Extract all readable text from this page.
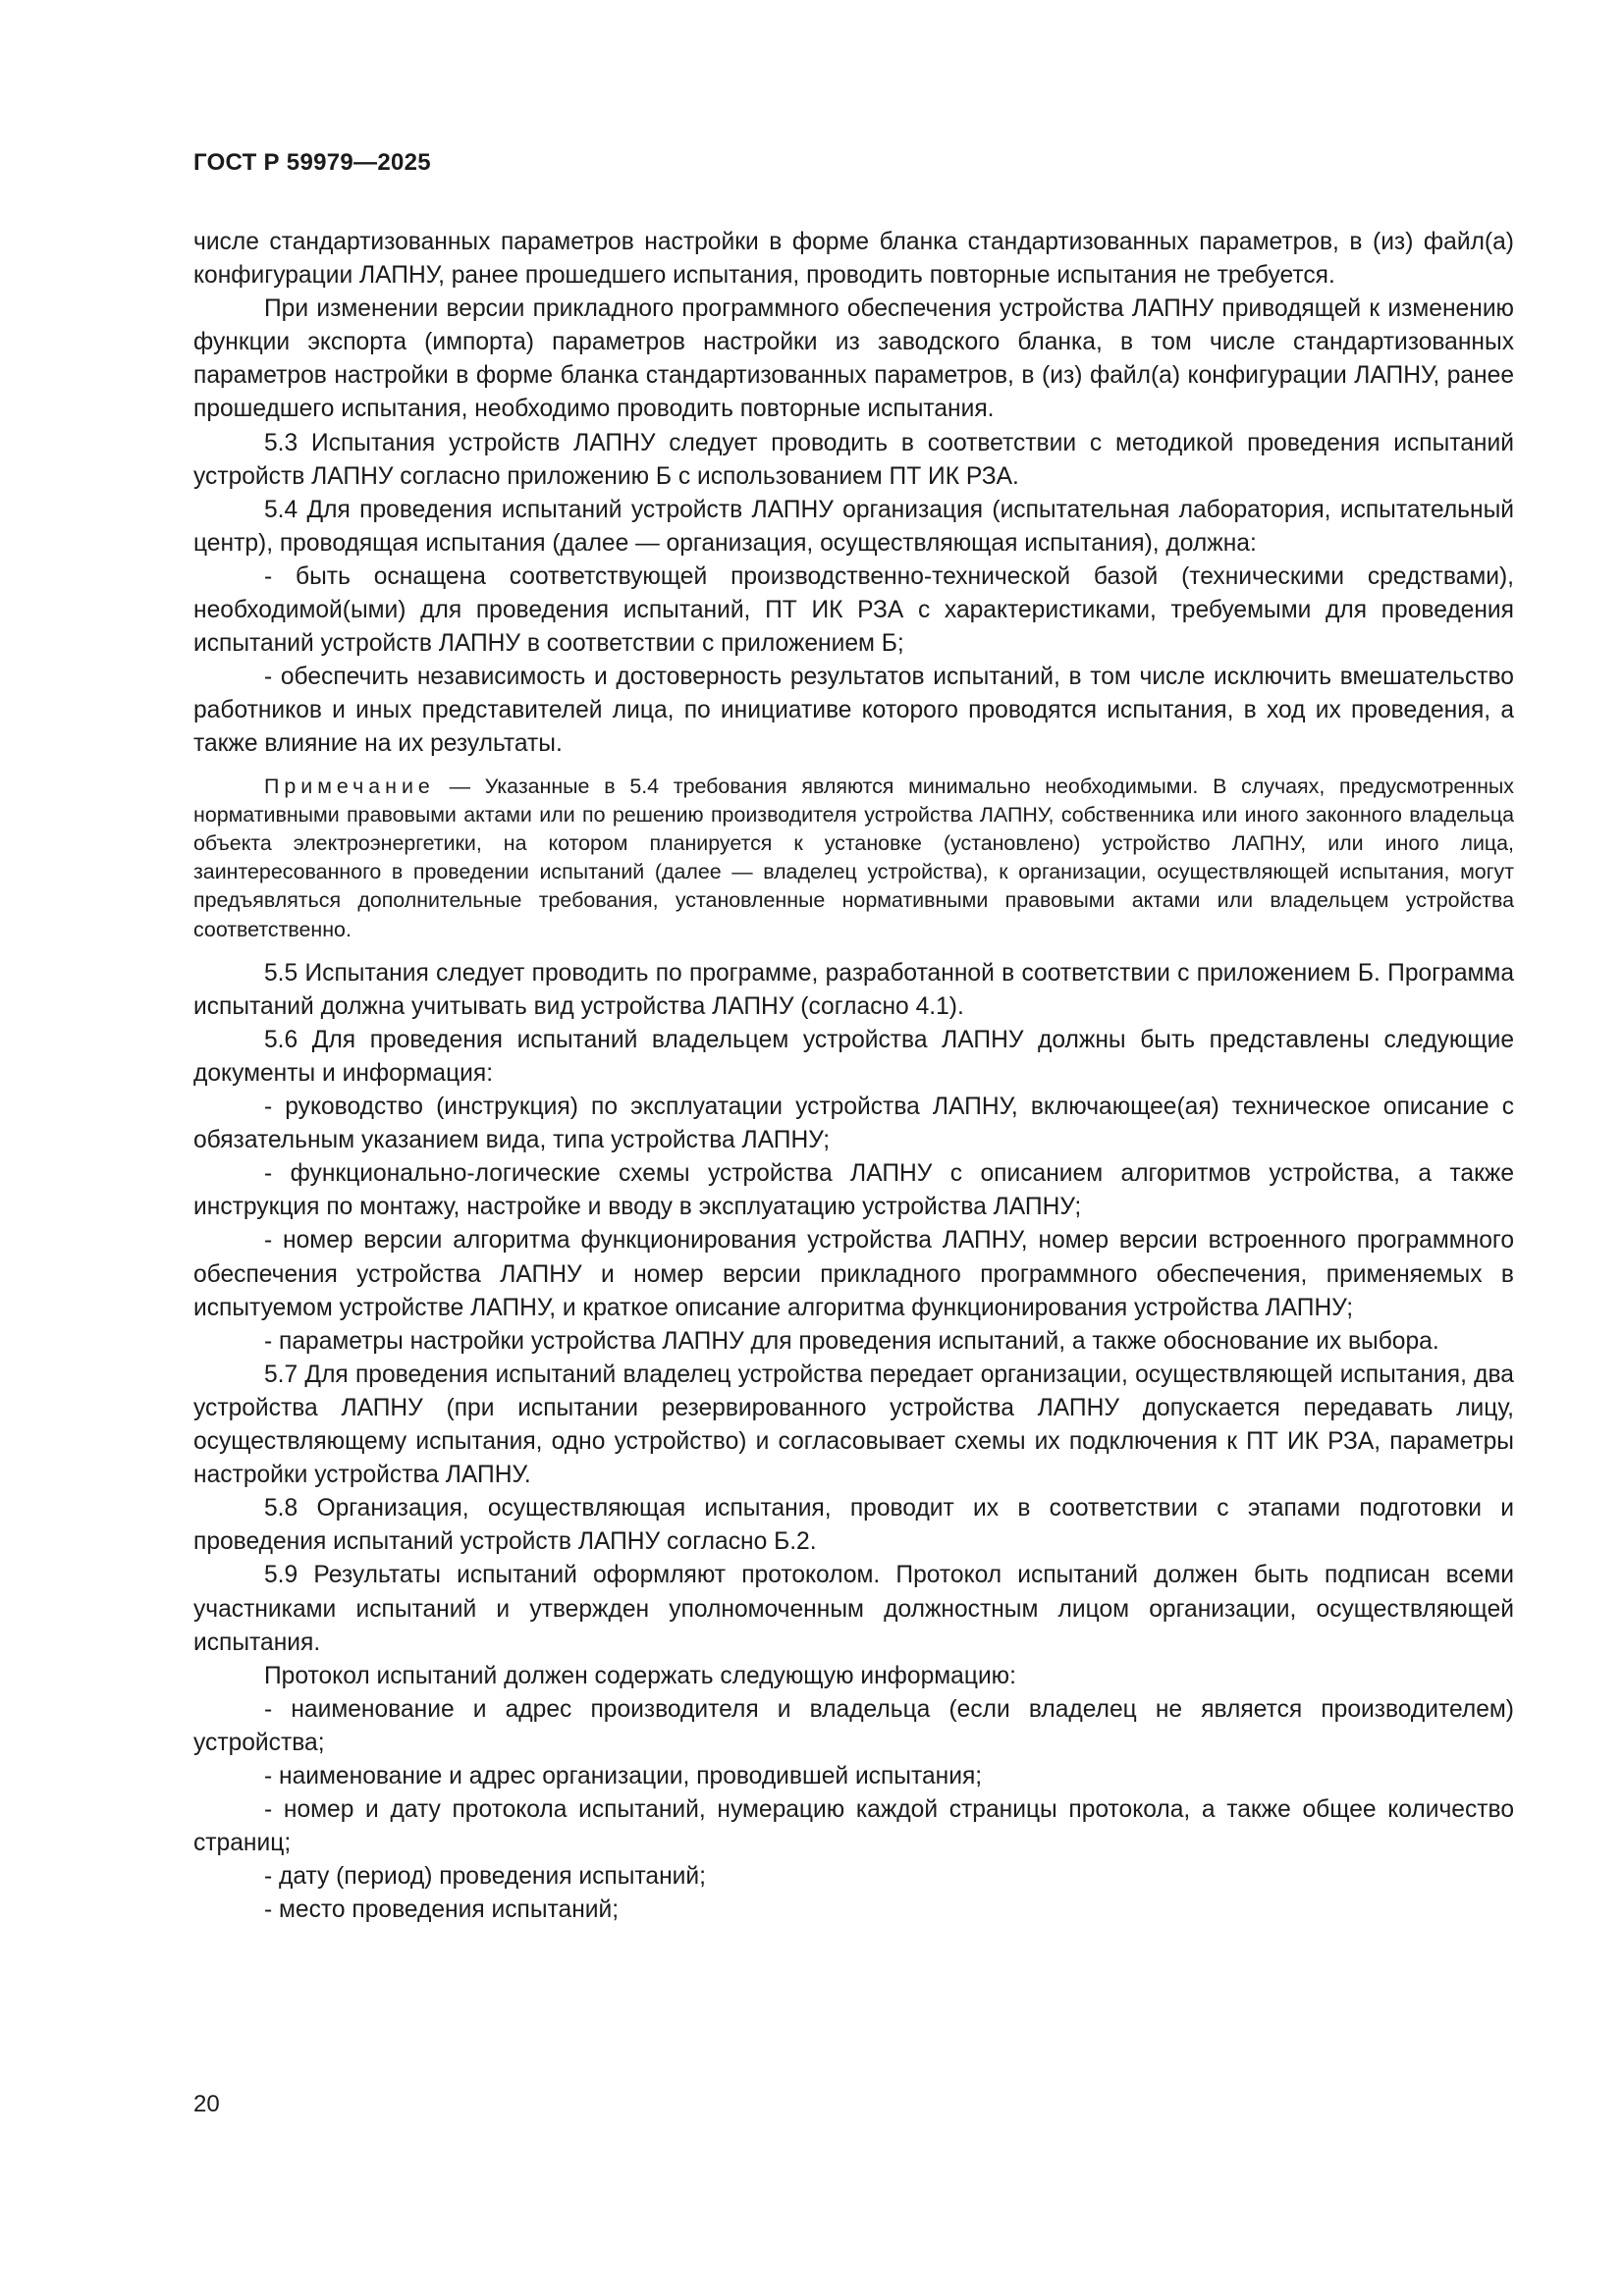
ГОСТ Р 59979—2025

числе стандартизованных параметров настройки в форме бланка стандартизованных параметров, в (из) файл(а) конфигурации ЛАПНУ, ранее прошедшего испытания, проводить повторные испытания не требуется.

При изменении версии прикладного программного обеспечения устройства ЛАПНУ приводящей к изменению функции экспорта (импорта) параметров настройки из заводского бланка, в том числе стандартизованных параметров настройки в форме бланка стандартизованных параметров, в (из) файл(а) конфигурации ЛАПНУ, ранее прошедшего испытания, необходимо проводить повторные испытания.

5.3 Испытания устройств ЛАПНУ следует проводить в соответствии с методикой проведения испытаний устройств ЛАПНУ согласно приложению Б с использованием ПТ ИК РЗА.

5.4 Для проведения испытаний устройств ЛАПНУ организация (испытательная лаборатория, испытательный центр), проводящая испытания (далее — организация, осуществляющая испытания), должна:

- быть оснащена соответствующей производственно-технической базой (техническими средствами), необходимой(ыми) для проведения испытаний, ПТ ИК РЗА с характеристиками, требуемыми для проведения испытаний устройств ЛАПНУ в соответствии с приложением Б;

- обеспечить независимость и достоверность результатов испытаний, в том числе исключить вмешательство работников и иных представителей лица, по инициативе которого проводятся испытания, в ход их проведения, а также влияние на их результаты.

Примечание — Указанные в 5.4 требования являются минимально необходимыми. В случаях, предусмотренных нормативными правовыми актами или по решению производителя устройства ЛАПНУ, собственника или иного законного владельца объекта электроэнергетики, на котором планируется к установке (установлено) устройство ЛАПНУ, или иного лица, заинтересованного в проведении испытаний (далее — владелец устройства), к организации, осуществляющей испытания, могут предъявляться дополнительные требования, установленные нормативными правовыми актами или владельцем устройства соответственно.

5.5 Испытания следует проводить по программе, разработанной в соответствии с приложением Б. Программа испытаний должна учитывать вид устройства ЛАПНУ (согласно 4.1).

5.6 Для проведения испытаний владельцем устройства ЛАПНУ должны быть представлены следующие документы и информация:

- руководство (инструкция) по эксплуатации устройства ЛАПНУ, включающее(ая) техническое описание с обязательным указанием вида, типа устройства ЛАПНУ;

- функционально-логические схемы устройства ЛАПНУ с описанием алгоритмов устройства, а также инструкция по монтажу, настройке и вводу в эксплуатацию устройства ЛАПНУ;

- номер версии алгоритма функционирования устройства ЛАПНУ, номер версии встроенного программного обеспечения устройства ЛАПНУ и номер версии прикладного программного обеспечения, применяемых в испытуемом устройстве ЛАПНУ, и краткое описание алгоритма функционирования устройства ЛАПНУ;

- параметры настройки устройства ЛАПНУ для проведения испытаний, а также обоснование их выбора.

5.7 Для проведения испытаний владелец устройства передает организации, осуществляющей испытания, два устройства ЛАПНУ (при испытании резервированного устройства ЛАПНУ допускается передавать лицу, осуществляющему испытания, одно устройство) и согласовывает схемы их подключения к ПТ ИК РЗА, параметры настройки устройства ЛАПНУ.

5.8 Организация, осуществляющая испытания, проводит их в соответствии с этапами подготовки и проведения испытаний устройств ЛАПНУ согласно Б.2.

5.9 Результаты испытаний оформляют протоколом. Протокол испытаний должен быть подписан всеми участниками испытаний и утвержден уполномоченным должностным лицом организации, осуществляющей испытания.

Протокол испытаний должен содержать следующую информацию:

- наименование и адрес производителя и владельца (если владелец не является производителем) устройства;

- наименование и адрес организации, проводившей испытания;

- номер и дату протокола испытаний, нумерацию каждой страницы протокола, а также общее количество страниц;

- дату (период) проведения испытаний;

- место проведения испытаний;

20
